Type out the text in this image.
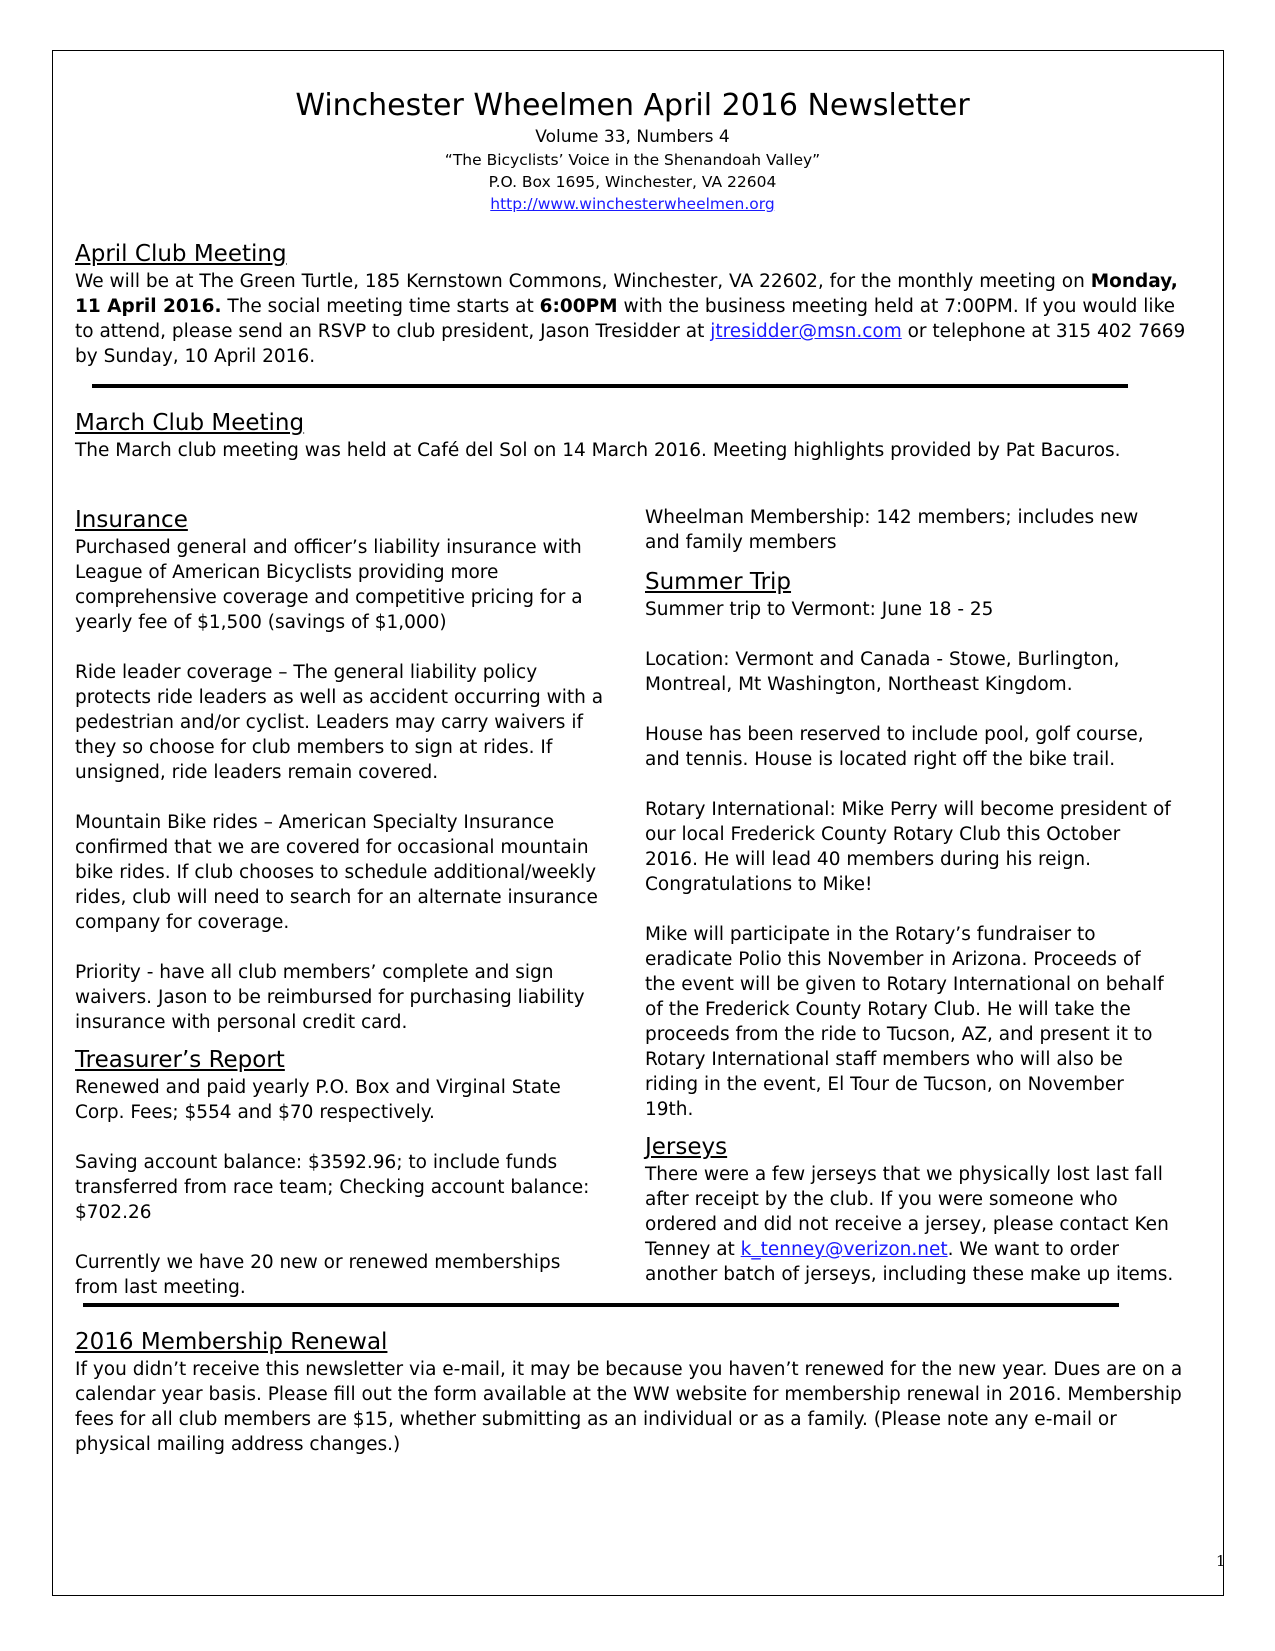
Winchester Wheelmen April 2016 Newsletter
Volume 33, Numbers 4
“The Bicyclists’ Voice in the Shenandoah Valley”
P.O. Box 1695, Winchester, VA 22604
http://www.winchesterwheelmen.org
April Club Meeting

We will be at The Green Turtle, 185 Kernstown Commons, Winchester, VA 22602, for the monthly meeting on Monday, 11 April 2016. The social meeting time starts at 6:00PM with the business meeting held at 7:00PM. If you would like to attend, please send an RSVP to club president, Jason Tresidder at jtresidder@msn.com or telephone at 315 402 7669 by Sunday, 10 April 2016.

March Club Meeting

The March club meeting was held at Café del Sol on 14 March 2016. Meeting highlights provided by Pat Bacuros.

Insurance

Purchased general and officer’s liability insurance with League of American Bicyclists providing more comprehensive coverage and competitive pricing for a yearly fee of $1,500 (savings of $1,000)

Ride leader coverage – The general liability policy protects ride leaders as well as accident occurring with a pedestrian and/or cyclist. Leaders may carry waivers if they so choose for club members to sign at rides. If unsigned, ride leaders remain covered.

Mountain Bike rides – American Specialty Insurance confirmed that we are covered for occasional mountain bike rides. If club chooses to schedule additional/weekly rides, club will need to search for an alternate insurance company for coverage.

Priority - have all club members’ complete and sign waivers. Jason to be reimbursed for purchasing liability insurance with personal credit card.

Treasurer’s Report

Renewed and paid yearly P.O. Box and Virginal State Corp. Fees; $554 and $70 respectively.

Saving account balance: $3592.96; to include funds transferred from race team; Checking account balance: $702.26

Currently we have 20 new or renewed memberships from last meeting.

Wheelman Membership: 142 members; includes new and family members

Summer Trip

Summer trip to Vermont: June 18 - 25

Location: Vermont and Canada - Stowe, Burlington, Montreal, Mt Washington, Northeast Kingdom.

House has been reserved to include pool, golf course, and tennis. House is located right off the bike trail.

Rotary International: Mike Perry will become president of our local Frederick County Rotary Club this October 2016. He will lead 40 members during his reign. Congratulations to Mike!

Mike will participate in the Rotary’s fundraiser to eradicate Polio this November in Arizona. Proceeds of the event will be given to Rotary International on behalf of the Frederick County Rotary Club. He will take the proceeds from the ride to Tucson, AZ, and present it to Rotary International staff members who will also be riding in the event, El Tour de Tucson, on November 19th.

Jerseys

There were a few jerseys that we physically lost last fall after receipt by the club. If you were someone who ordered and did not receive a jersey, please contact Ken Tenney at k_tenney@verizon.net. We want to order another batch of jerseys, including these make up items.

2016 Membership Renewal

If you didn’t receive this newsletter via e-mail, it may be because you haven’t renewed for the new year. Dues are on a calendar year basis. Please fill out the form available at the WW website for membership renewal in 2016. Membership fees for all club members are $15, whether submitting as an individual or as a family. (Please note any e-mail or physical mailing address changes.)

1
